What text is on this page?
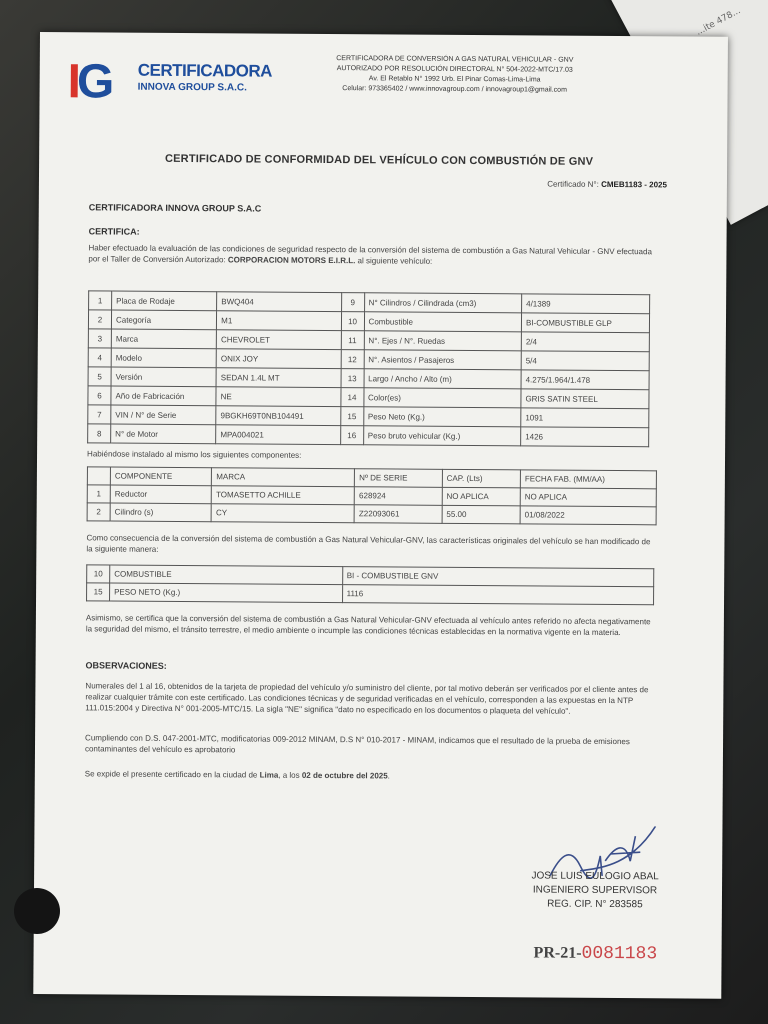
...ite 478...
IG CERTIFICADORA
INNOVA GROUP S.A.C.
CERTIFICADORA DE CONVERSIÓN A GAS NATURAL VEHICULAR - GNV
AUTORIZADO POR RESOLUCIÓN DIRECTORAL N° 504-2022-MTC/17.03
Av. El Retablo N° 1992 Urb. El Pinar Comas-Lima-Lima
Celular: 973365402 / www.innovagroup.com / innovagroup1@gmail.com
CERTIFICADO DE CONFORMIDAD DEL VEHÍCULO CON COMBUSTIÓN DE GNV
Certificado N°: CMEB1183 - 2025
CERTIFICADORA INNOVA GROUP S.A.C
CERTIFICA:
Haber efectuado la evaluación de las condiciones de seguridad respecto de la conversión del sistema de combustión a Gas Natural Vehicular - GNV efectuada por el Taller de Conversión Autorizado: CORPORACION MOTORS E.I.R.L. al siguiente vehículo:
1	Placa de Rodaje	BWQ404	9	N° Cilindros / Cilindrada (cm3)	4/1389
2	Categoría	M1	10	Combustible	BI-COMBUSTIBLE GLP
3	Marca	CHEVROLET	11	N°. Ejes / N°. Ruedas	2/4
4	Modelo	ONIX JOY	12	N°. Asientos / Pasajeros	5/4
5	Versión	SEDAN 1.4L MT	13	Largo / Ancho / Alto (m)	4.275/1.964/1.478
6	Año de Fabricación	NE	14	Color(es)	GRIS SATIN STEEL
7	VIN / N° de Serie	9BGKH69T0NB104491	15	Peso Neto (Kg.)	1091
8	N° de Motor	MPA004021	16	Peso bruto vehicular (Kg.)	1426
Habiéndose instalado al mismo los siguientes componentes:
	COMPONENTE	MARCA	Nº DE SERIE	CAP. (Lts)	FECHA FAB. (MM/AA)
1	Reductor	TOMASETTO ACHILLE	628924	NO APLICA	NO APLICA
2	Cilindro (s)	CY	Z22093061	55.00	01/08/2022
Como consecuencia de la conversión del sistema de combustión a Gas Natural Vehicular-GNV, las características originales del vehículo se han modificado de la siguiente manera:
10	COMBUSTIBLE	BI - COMBUSTIBLE GNV
15	PESO NETO (Kg.)	1116
Asimismo, se certifica que la conversión del sistema de combustión a Gas Natural Vehicular-GNV efectuada al vehículo antes referido no afecta negativamente la seguridad del mismo, el tránsito terrestre, el medio ambiente o incumple las condiciones técnicas establecidas en la normativa vigente en la materia.
OBSERVACIONES:
Numerales del 1 al 16, obtenidos de la tarjeta de propiedad del vehículo y/o suministro del cliente, por tal motivo deberán ser verificados por el cliente antes de realizar cualquier trámite con este certificado. Las condiciones técnicas y de seguridad verificadas en el vehículo, corresponden a las expuestas en la NTP 111.015:2004 y Directiva N° 001-2005-MTC/15. La sigla "NE" significa "dato no especificado en los documentos o plaqueta del vehículo".
Cumpliendo con D.S. 047-2001-MTC, modificatorias 009-2012 MINAM, D.S N° 010-2017 - MINAM, indicamos que el resultado de la prueba de emisiones contaminantes del vehículo es aprobatorio
Se expide el presente certificado en la ciudad de Lima, a los 02 de octubre del 2025.
JOSE LUIS EULOGIO ABAL
INGENIERO SUPERVISOR
REG. CIP. N° 283585
PR-21-0081183
